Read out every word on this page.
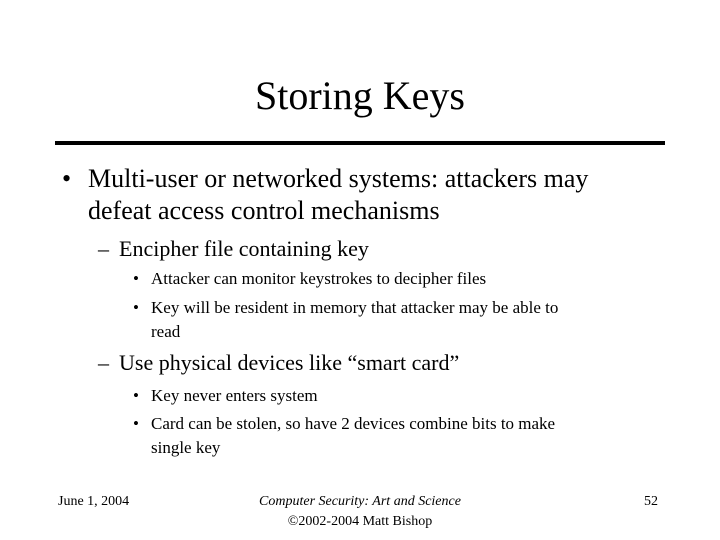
Storing Keys
• Multi-user or networked systems: attackers may
defeat access control mechanisms
– Encipher file containing key
• Attacker can monitor keystrokes to decipher files
• Key will be resident in memory that attacker may be able to
read
– Use physical devices like “smart card”
• Key never enters system
• Card can be stolen, so have 2 devices combine bits to make
single key
June 1, 2004	Computer Security: Art and Science
©2002-2004 Matt Bishop
52
